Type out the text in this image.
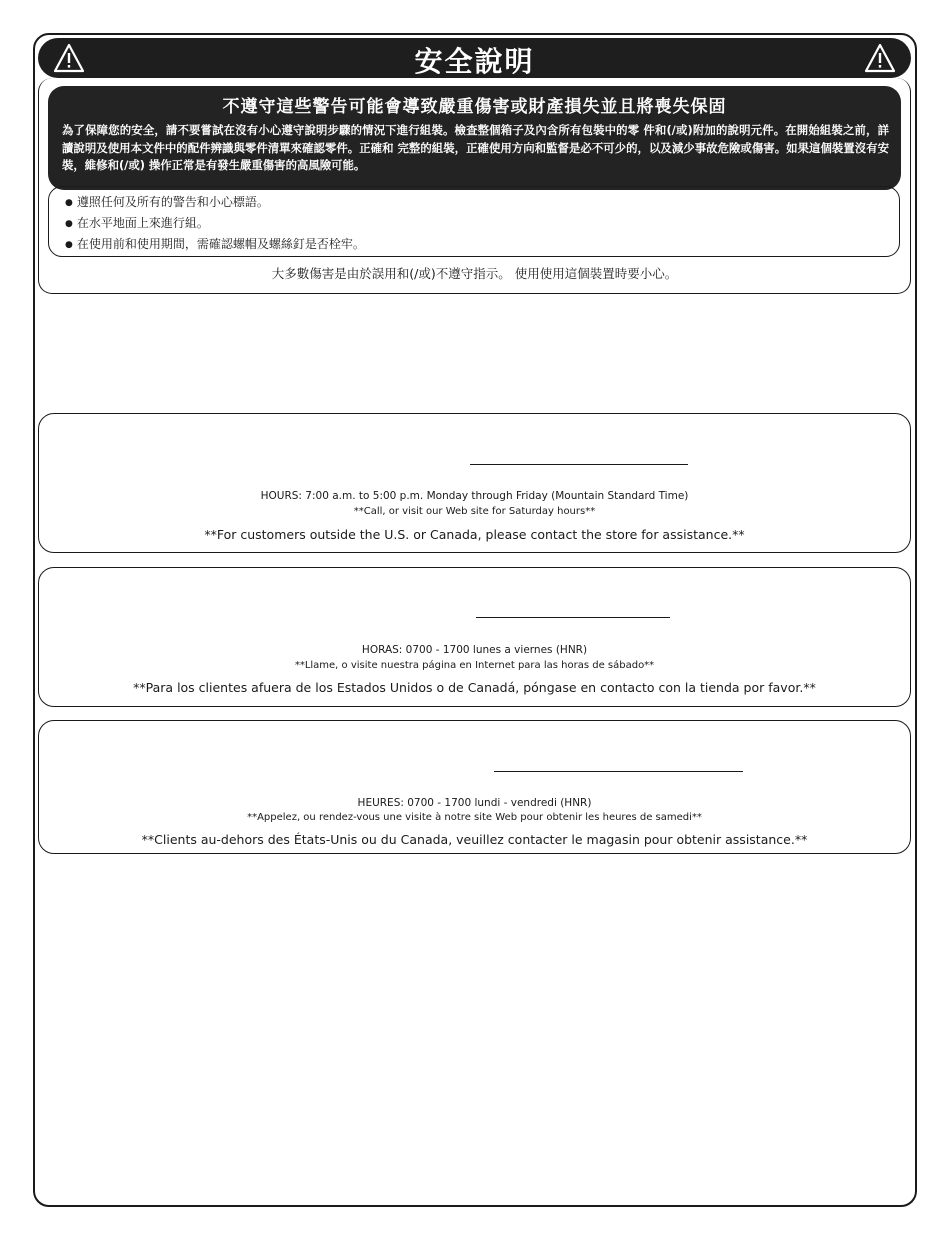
安全說明
不遵守這些警告可能會導致嚴重傷害或財產損失並且將喪失保固
為了保障您的安全，請不要嘗試在沒有小心遵守說明步驟的情況下進行組裝。檢查整個箱子及內含所有包裝中的零 件和(/或)附加的說明元件。在開始組裝之前，詳讀說明及使用本文件中的配件辨識與零件清單來確認零件。正確和 完整的組裝，正確使用方向和監督是必不可少的，以及減少事故危險或傷害。如果這個裝置沒有安裝，維修和(/或) 操作正常是有發生嚴重傷害的高風險可能。
● 遵照任何及所有的警告和小心標語。
● 在水平地面上來進行組。
● 在使用前和使用期間，需確認螺帽及螺絲釘是否栓牢。
大多數傷害是由於誤用和(/或)不遵守指示。 使用使用這個裝置時要小心。
HOURS: 7:00 a.m. to 5:00 p.m. Monday through Friday (Mountain Standard Time)
**Call, or visit our Web site for Saturday hours**
**For customers outside the U.S. or Canada, please contact the store for assistance.**
HORAS: 0700 - 1700 lunes a viernes (HNR)
**Llame, o visite nuestra página en Internet para las horas de sábado**
**Para los clientes afuera de los Estados Unidos o de Canadá, póngase en contacto con la tienda por favor.**
HEURES: 0700 - 1700 lundi - vendredi (HNR)
**Appelez, ou rendez-vous une visite à notre site Web pour obtenir les heures de samedi**
**Clients au-dehors des États-Unis ou du Canada, veuillez contacter le magasin pour obtenir assistance.**
